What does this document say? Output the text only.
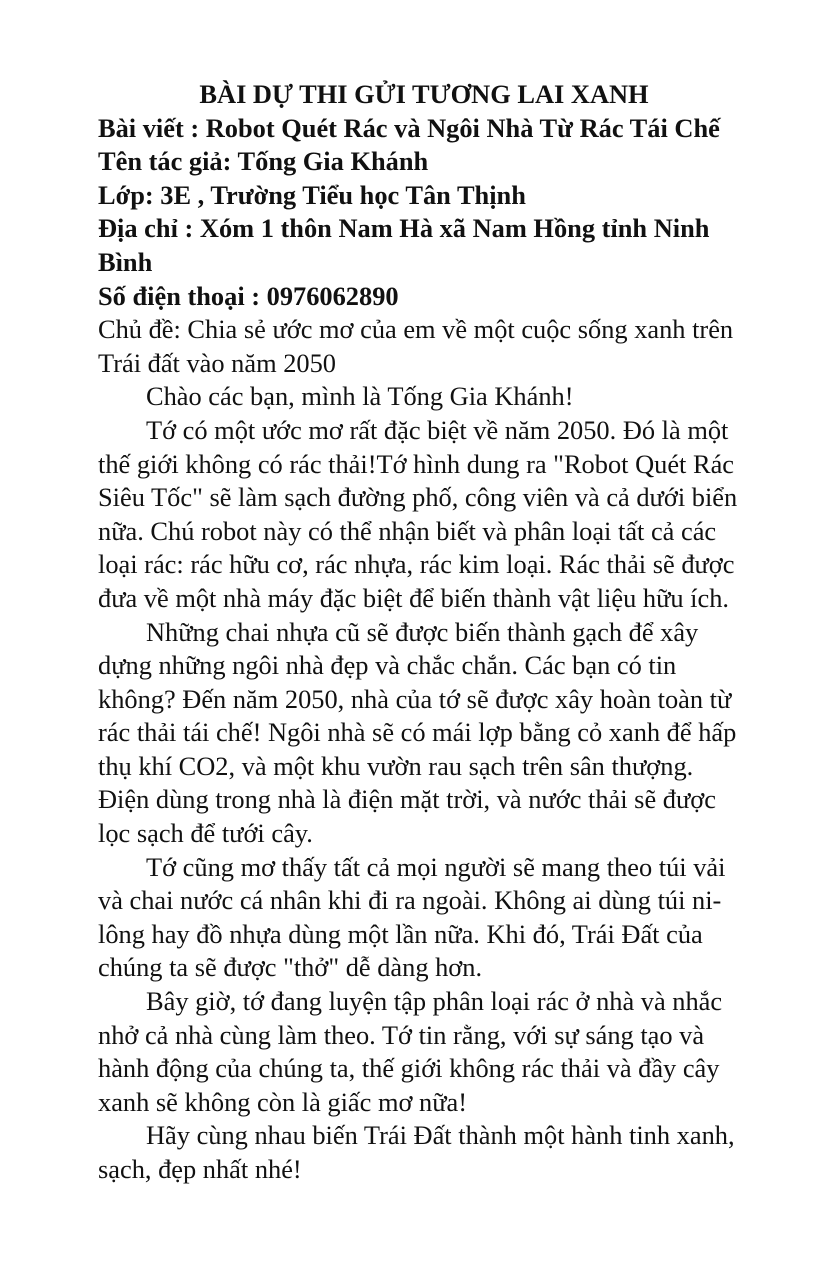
BÀI DỰ THI GỬI TƯƠNG LAI XANH

Bài viết : Robot Quét Rác và Ngôi Nhà Từ Rác Tái Chế

Tên tác giả: Tống Gia Khánh

Lớp: 3E , Trường Tiểu học Tân Thịnh

Địa chỉ : Xóm 1 thôn Nam Hà xã Nam Hồng tỉnh Ninh Bình

Số điện thoại : 0976062890

Chủ đề: Chia sẻ ước mơ của em về một cuộc sống xanh trên Trái đất vào năm 2050

Chào các bạn, mình là Tống Gia Khánh!

Tớ có một ước mơ rất đặc biệt về năm 2050. Đó là một thế giới không có rác thải!Tớ hình dung ra "Robot Quét Rác Siêu Tốc" sẽ làm sạch đường phố, công viên và cả dưới biển nữa. Chú robot này có thể nhận biết và phân loại tất cả các loại rác: rác hữu cơ, rác nhựa, rác kim loại. Rác thải sẽ được đưa về một nhà máy đặc biệt để biến thành vật liệu hữu ích.

Những chai nhựa cũ sẽ được biến thành gạch để xây dựng những ngôi nhà đẹp và chắc chắn. Các bạn có tin không? Đến năm 2050, nhà của tớ sẽ được xây hoàn toàn từ rác thải tái chế! Ngôi nhà sẽ có mái lợp bằng cỏ xanh để hấp thụ khí CO2, và một khu vườn rau sạch trên sân thượng. Điện dùng trong nhà là điện mặt trời, và nước thải sẽ được lọc sạch để tưới cây.

Tớ cũng mơ thấy tất cả mọi người sẽ mang theo túi vải và chai nước cá nhân khi đi ra ngoài. Không ai dùng túi ni-lông hay đồ nhựa dùng một lần nữa. Khi đó, Trái Đất của chúng ta sẽ được "thở" dễ dàng hơn.

Bây giờ, tớ đang luyện tập phân loại rác ở nhà và nhắc nhở cả nhà cùng làm theo. Tớ tin rằng, với sự sáng tạo và hành động của chúng ta, thế giới không rác thải và đầy cây xanh sẽ không còn là giấc mơ nữa!

Hãy cùng nhau biến Trái Đất thành một hành tinh xanh, sạch, đẹp nhất nhé!
